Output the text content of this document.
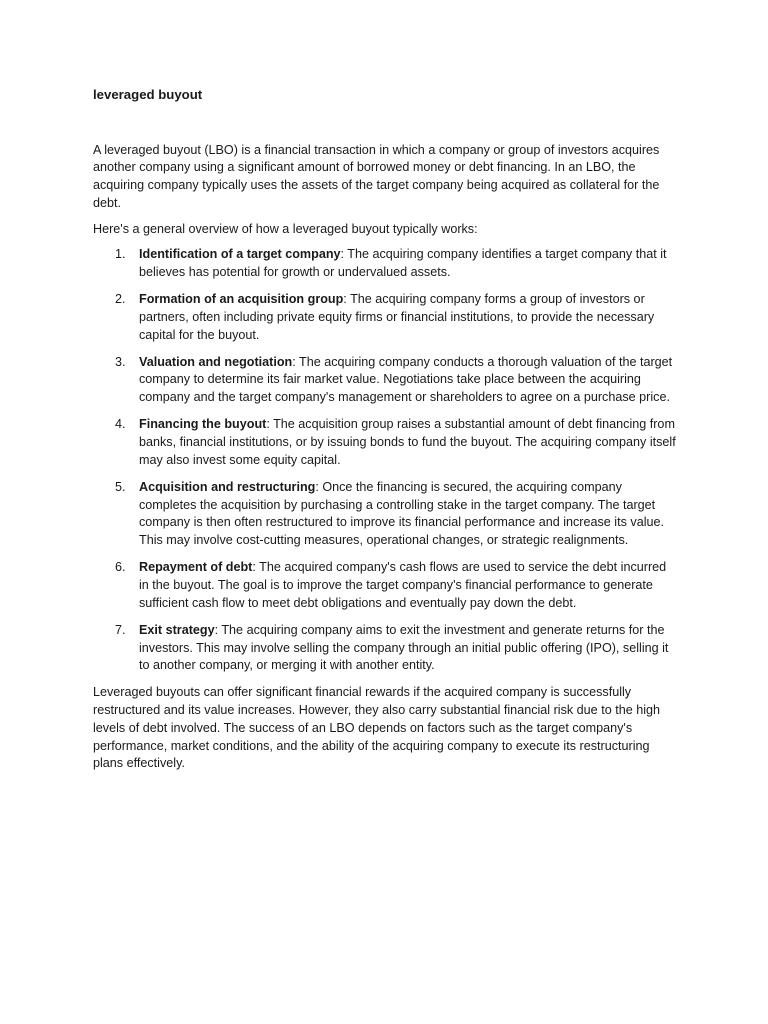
leveraged buyout

A leveraged buyout (LBO) is a financial transaction in which a company or group of investors acquires another company using a significant amount of borrowed money or debt financing. In an LBO, the acquiring company typically uses the assets of the target company being acquired as collateral for the debt.

Here's a general overview of how a leveraged buyout typically works:

1. Identification of a target company: The acquiring company identifies a target company that it believes has potential for growth or undervalued assets.
2. Formation of an acquisition group: The acquiring company forms a group of investors or partners, often including private equity firms or financial institutions, to provide the necessary capital for the buyout.
3. Valuation and negotiation: The acquiring company conducts a thorough valuation of the target company to determine its fair market value. Negotiations take place between the acquiring company and the target company's management or shareholders to agree on a purchase price.
4. Financing the buyout: The acquisition group raises a substantial amount of debt financing from banks, financial institutions, or by issuing bonds to fund the buyout. The acquiring company itself may also invest some equity capital.
5. Acquisition and restructuring: Once the financing is secured, the acquiring company completes the acquisition by purchasing a controlling stake in the target company. The target company is then often restructured to improve its financial performance and increase its value. This may involve cost-cutting measures, operational changes, or strategic realignments.
6. Repayment of debt: The acquired company's cash flows are used to service the debt incurred in the buyout. The goal is to improve the target company's financial performance to generate sufficient cash flow to meet debt obligations and eventually pay down the debt.
7. Exit strategy: The acquiring company aims to exit the investment and generate returns for the investors. This may involve selling the company through an initial public offering (IPO), selling it to another company, or merging it with another entity.

Leveraged buyouts can offer significant financial rewards if the acquired company is successfully restructured and its value increases. However, they also carry substantial financial risk due to the high levels of debt involved. The success of an LBO depends on factors such as the target company's performance, market conditions, and the ability of the acquiring company to execute its restructuring plans effectively.
